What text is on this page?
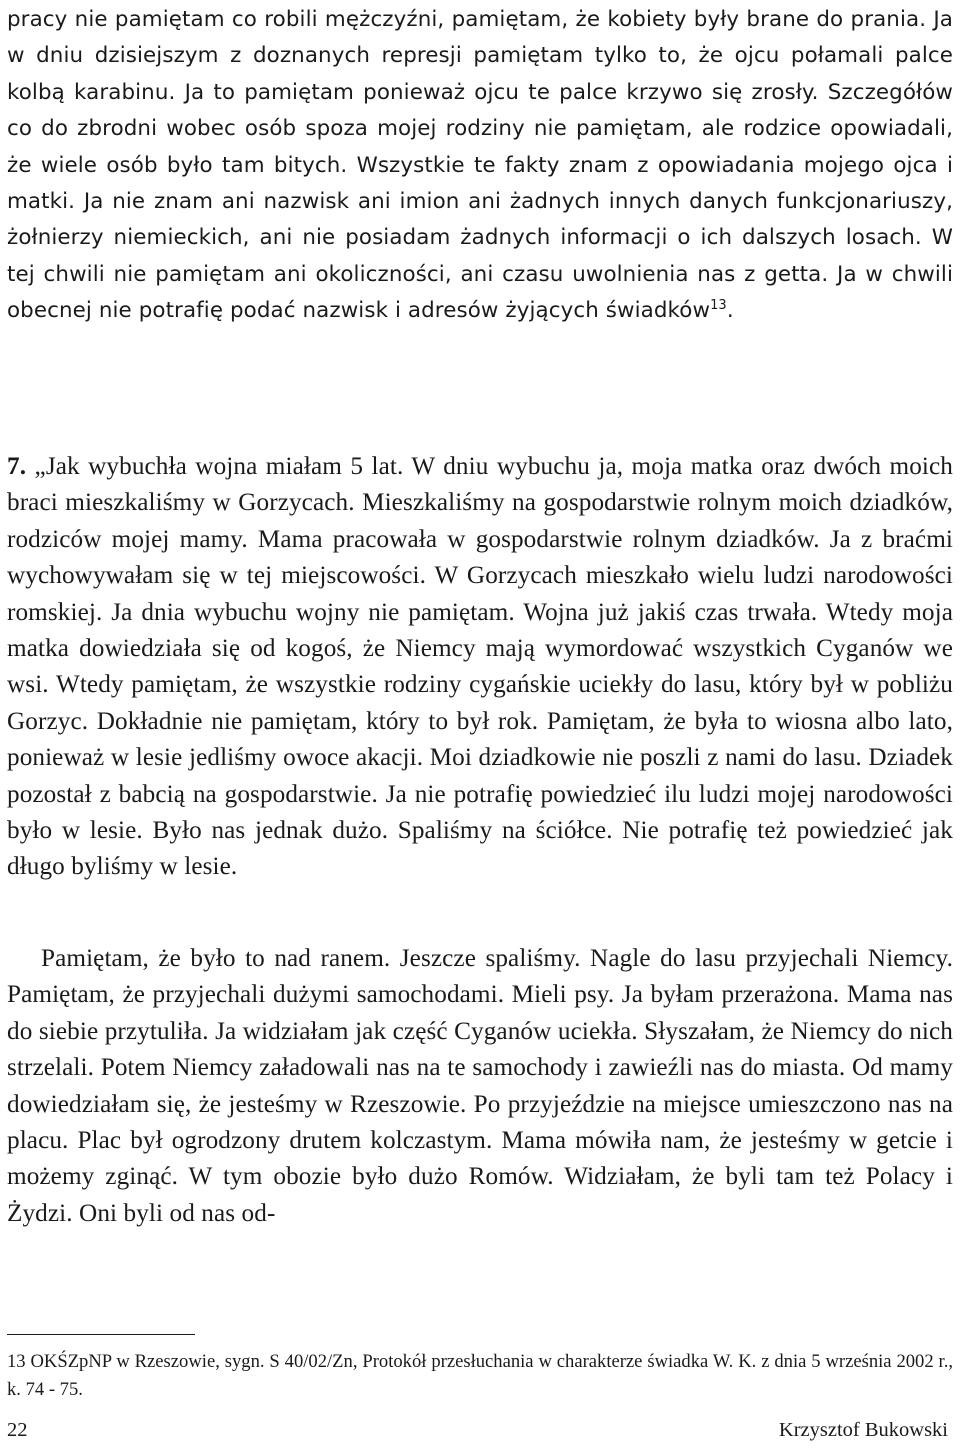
pracy nie pamiętam co robili mężczyźni, pamiętam, że kobiety były brane do prania. Ja w dniu dzisiejszym z doznanych represji pamiętam tylko to, że ojcu połamali palce kolbą karabinu. Ja to pamiętam ponieważ ojcu te palce krzywo się zrosły. Szczegółów co do zbrodni wobec osób spoza mojej rodziny nie pamiętam, ale rodzice opowiadali, że wiele osób było tam bitych. Wszystkie te fakty znam z opowiadania mojego ojca i matki. Ja nie znam ani nazwisk ani imion ani żadnych innych danych funkcjonariuszy, żołnierzy niemieckich, ani nie posiadam żadnych informacji o ich dalszych losach. W tej chwili nie pamiętam ani okoliczności, ani czasu uwolnienia nas z getta. Ja w chwili obecnej nie potrafię podać nazwisk i adresów żyjących świadków$^{13}$.

7. „Jak wybuchła wojna miałam 5 lat. W dniu wybuchu ja, moja matka oraz dwóch moich braci mieszkaliśmy w Gorzycach. Mieszkaliśmy na gospodarstwie rolnym moich dziadków, rodziców mojej mamy. Mama pracowała w gospodarstwie rolnym dziadków. Ja z braćmi wychowywałam się w tej miejscowości. W Gorzycach mieszkało wielu ludzi narodowości romskiej. Ja dnia wybuchu wojny nie pamiętam. Wojna już jakiś czas trwała. Wtedy moja matka dowiedziała się od kogoś, że Niemcy mają wymordować wszystkich Cyganów we wsi. Wtedy pamiętam, że wszystkie rodziny cygańskie uciekły do lasu, który był w pobliżu Gorzyc. Dokładnie nie pamiętam, który to był rok. Pamiętam, że była to wiosna albo lato, ponieważ w lesie jedliśmy owoce akacji. Moi dziadkowie nie poszli z nami do lasu. Dziadek pozostał z babcią na gospodarstwie. Ja nie potrafię powiedzieć ilu ludzi mojej narodowości było w lesie. Było nas jednak dużo. Spaliśmy na ściółce. Nie potrafię też powiedzieć jak długo byliśmy w lesie.

Pamiętam, że było to nad ranem. Jeszcze spaliśmy. Nagle do lasu przyjechali Niemcy. Pamiętam, że przyjechali dużymi samochodami. Mieli psy. Ja byłam przerażona. Mama nas do siebie przytuliła. Ja widziałam jak część Cyganów uciekła. Słyszałam, że Niemcy do nich strzelali. Potem Niemcy załadowali nas na te samochody i zawieźli nas do miasta. Od mamy dowiedziałam się, że jesteśmy w Rzeszowie. Po przyjeździe na miejsce umieszczono nas na placu. Plac był ogrodzony drutem kolczastym. Mama mówiła nam, że jesteśmy w getcie i możemy zginąć. W tym obozie było dużo Romów. Widziałam, że byli tam też Polacy i Żydzi. Oni byli od nas od-

13 OKŚZpNP w Rzeszowie, sygn. S 40/02/Zn, Protokół przesłuchania w charakterze świadka W. K. z dnia 5 września 2002 r., k. 74 - 75.

22	Krzysztof Bukowski
